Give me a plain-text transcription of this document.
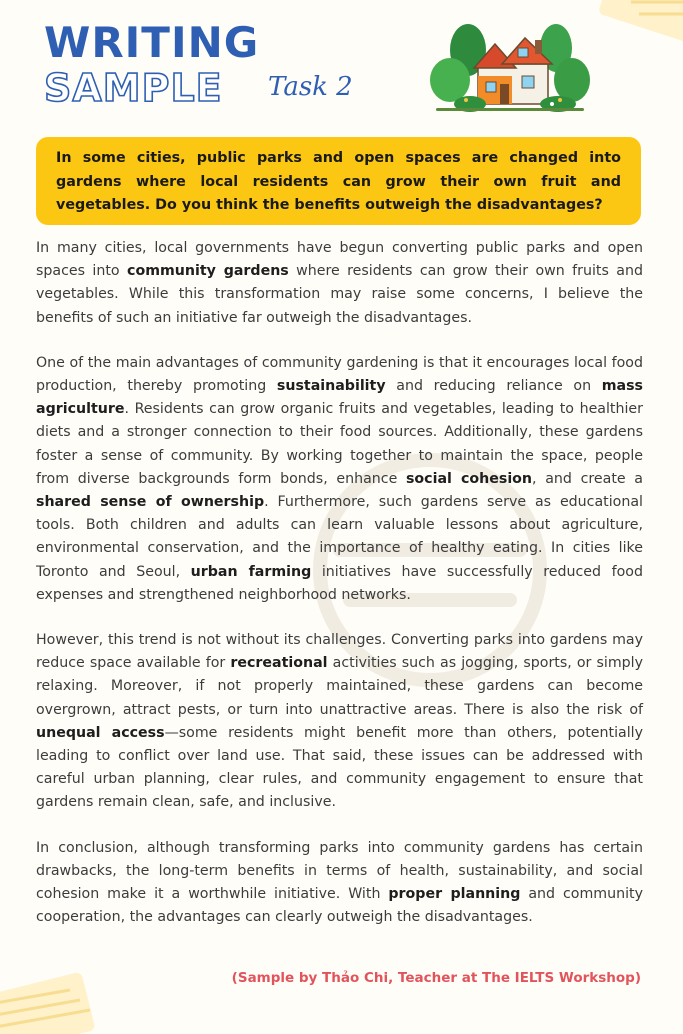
WRITING
SAMPLE Task 2
In some cities, public parks and open spaces are changed into gardens where local residents can grow their own fruit and vegetables. Do you think the benefits outweigh the disadvantages?

In many cities, local governments have begun converting public parks and open spaces into community gardens where residents can grow their own fruits and vegetables. While this transformation may raise some concerns, I believe the benefits of such an initiative far outweigh the disadvantages.

One of the main advantages of community gardening is that it encourages local food production, thereby promoting sustainability and reducing reliance on mass agriculture. Residents can grow organic fruits and vegetables, leading to healthier diets and a stronger connection to their food sources. Additionally, these gardens foster a sense of community. By working together to maintain the space, people from diverse backgrounds form bonds, enhance social cohesion, and create a shared sense of ownership. Furthermore, such gardens serve as educational tools. Both children and adults can learn valuable lessons about agriculture, environmental conservation, and the importance of healthy eating. In cities like Toronto and Seoul, urban farming initiatives have successfully reduced food expenses and strengthened neighborhood networks.

However, this trend is not without its challenges. Converting parks into gardens may reduce space available for recreational activities such as jogging, sports, or simply relaxing. Moreover, if not properly maintained, these gardens can become overgrown, attract pests, or turn into unattractive areas. There is also the risk of unequal access—some residents might benefit more than others, potentially leading to conflict over land use. That said, these issues can be addressed with careful urban planning, clear rules, and community engagement to ensure that gardens remain clean, safe, and inclusive.

In conclusion, although transforming parks into community gardens has certain drawbacks, the long-term benefits in terms of health, sustainability, and social cohesion make it a worthwhile initiative. With proper planning and community cooperation, the advantages can clearly outweigh the disadvantages.

(Sample by Thảo Chi, Teacher at The IELTS Workshop)
